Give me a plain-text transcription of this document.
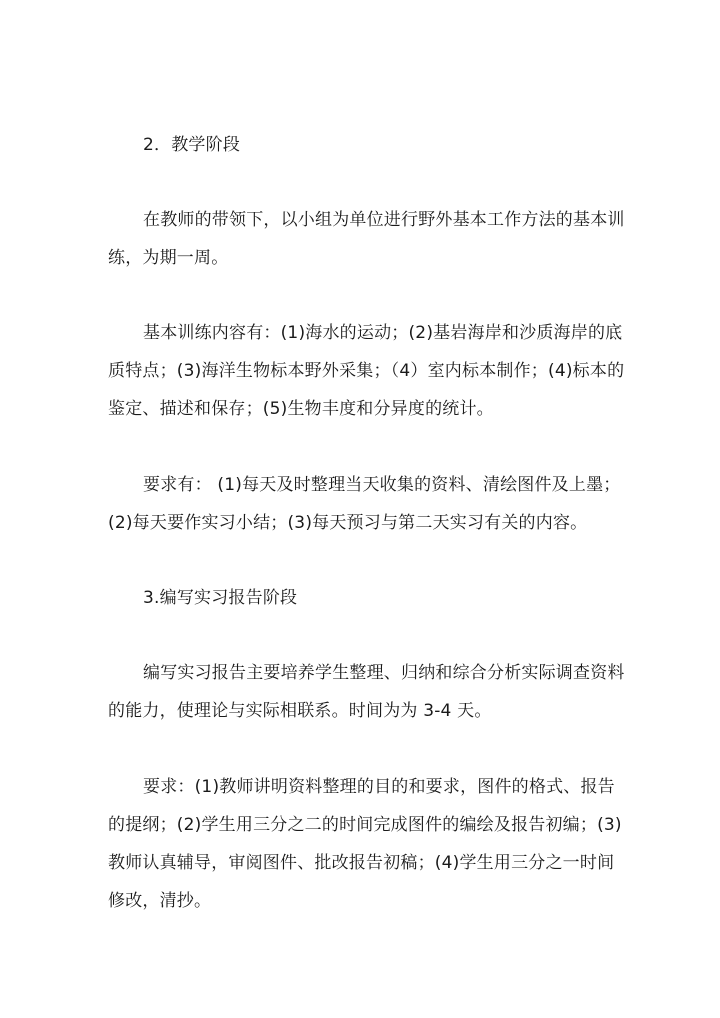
2．教学阶段
在教师的带领下，以小组为单位进行野外基本工作方法的基本训
练，为期一周。
基本训练内容有：(1)海水的运动；(2)基岩海岸和沙质海岸的底
质特点；(3)海洋生物标本野外采集；（4）室内标本制作；(4)标本的
鉴定、描述和保存；(5)生物丰度和分异度的统计。
要求有： (1)每天及时整理当天收集的资料、清绘图件及上墨；
(2)每天要作实习小结；(3)每天预习与第二天实习有关的内容。
3.编写实习报告阶段
编写实习报告主要培养学生整理、归纳和综合分析实际调查资料
的能力，使理论与实际相联系。时间为为 3-4 天。
要求：(1)教师讲明资料整理的目的和要求，图件的格式、报告
的提纲；(2)学生用三分之二的时间完成图件的编绘及报告初编；(3)
教师认真辅导，审阅图件、批改报告初稿；(4)学生用三分之一时间
修改，清抄。
